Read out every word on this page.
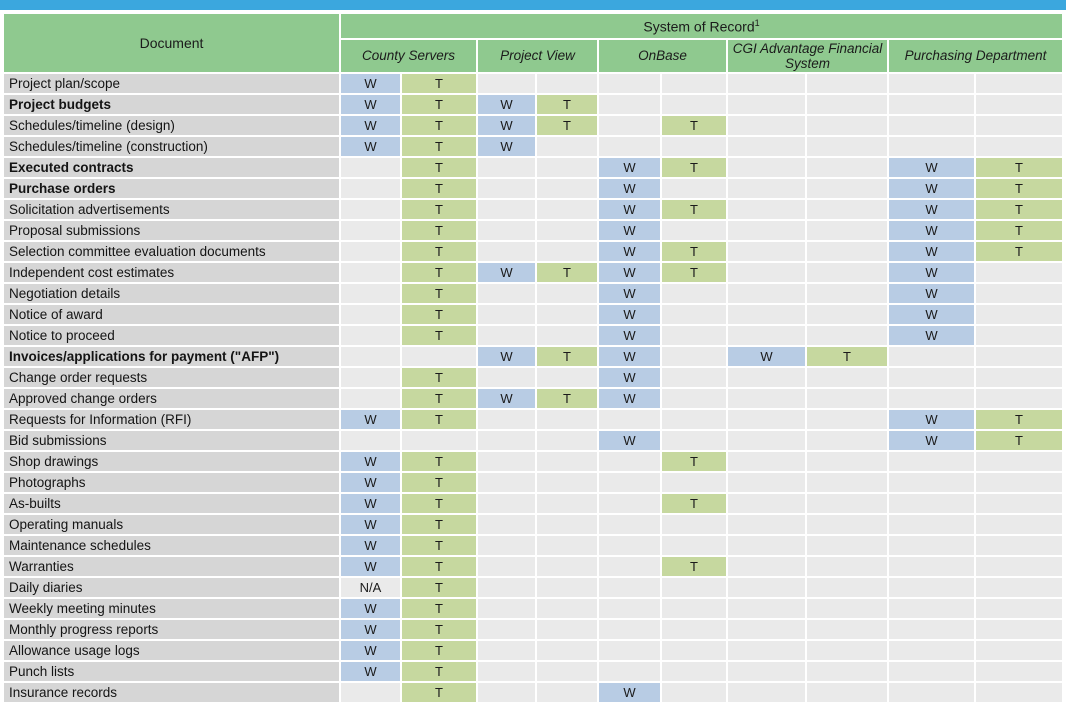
Document	System of Record$^1$
	County Servers		Project View		OnBase		CGI Advantage Financial System		Purchasing Department	
Project plan/scope	W	T								
Project budgets	W	T	W	T						
Schedules/timeline (design)	W	T	W	T		T				
Schedules/timeline (construction)	W	T	W							
Executed contracts		T			W	T			W	T
Purchase orders		T			W				W	T
Solicitation advertisements		T			W	T			W	T
Proposal submissions		T			W				W	T
Selection committee evaluation documents		T			W	T			W	T
Independent cost estimates		T	W	T	W	T			W	
Negotiation details		T			W				W	
Notice of award		T			W				W	
Notice to proceed		T			W				W	
Invoices/applications for payment ("AFP")			W	T	W		W	T		
Change order requests		T			W					
Approved change orders		T	W	T	W					
Requests for Information (RFI)	W	T							W	T
Bid submissions					W				W	T
Shop drawings	W	T				T				
Photographs	W	T								
As-builts	W	T				T				
Operating manuals	W	T								
Maintenance schedules	W	T								
Warranties	W	T				T				
Daily diaries	N/A	T								
Weekly meeting minutes	W	T								
Monthly progress reports	W	T								
Allowance usage logs	W	T								
Punch lists	W	T								
Insurance records		T			W					
